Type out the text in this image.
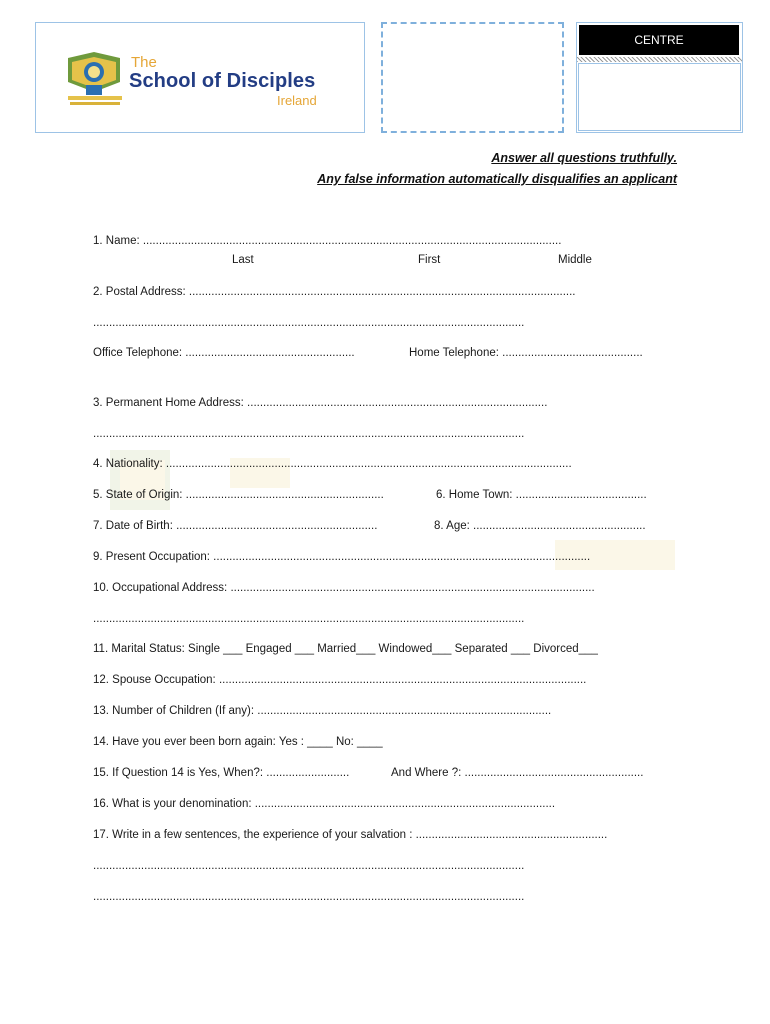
The
School of Disciples
Ireland
CENTRE
Answer all questions truthfully.
Any false information automatically disqualifies an applicant
1. Name: ...................................................................................................................................
Last	First	Middle
2. Postal Address: .........................................................................................................................
.......................................................................................................................................
Office Telephone: .....................................................	Home Telephone: ............................................
3. Permanent Home Address: ..............................................................................................
.......................................................................................................................................
4. Nationality: ...............................................................................................................................
5. State of Origin: ..............................................................	6. Home Town: .........................................
7. Date of Birth: ...............................................................	8. Age: ......................................................
9. Present Occupation: ......................................................................................................................
10. Occupational Address: ..................................................................................................................
.......................................................................................................................................
11. Marital Status: Single ___ Engaged ___ Married___ Windowed___ Separated ___ Divorced___
12. Spouse Occupation: ...................................................................................................................
13. Number of Children (If any): ............................................................................................
14. Have you ever been born again: Yes : ____ No: ____
15. If Question 14 is Yes, When?: ..........................	And Where ?: ........................................................
16. What is your denomination: ..............................................................................................
17. Write in a few sentences, the experience of your salvation : ............................................................
.......................................................................................................................................
.......................................................................................................................................
